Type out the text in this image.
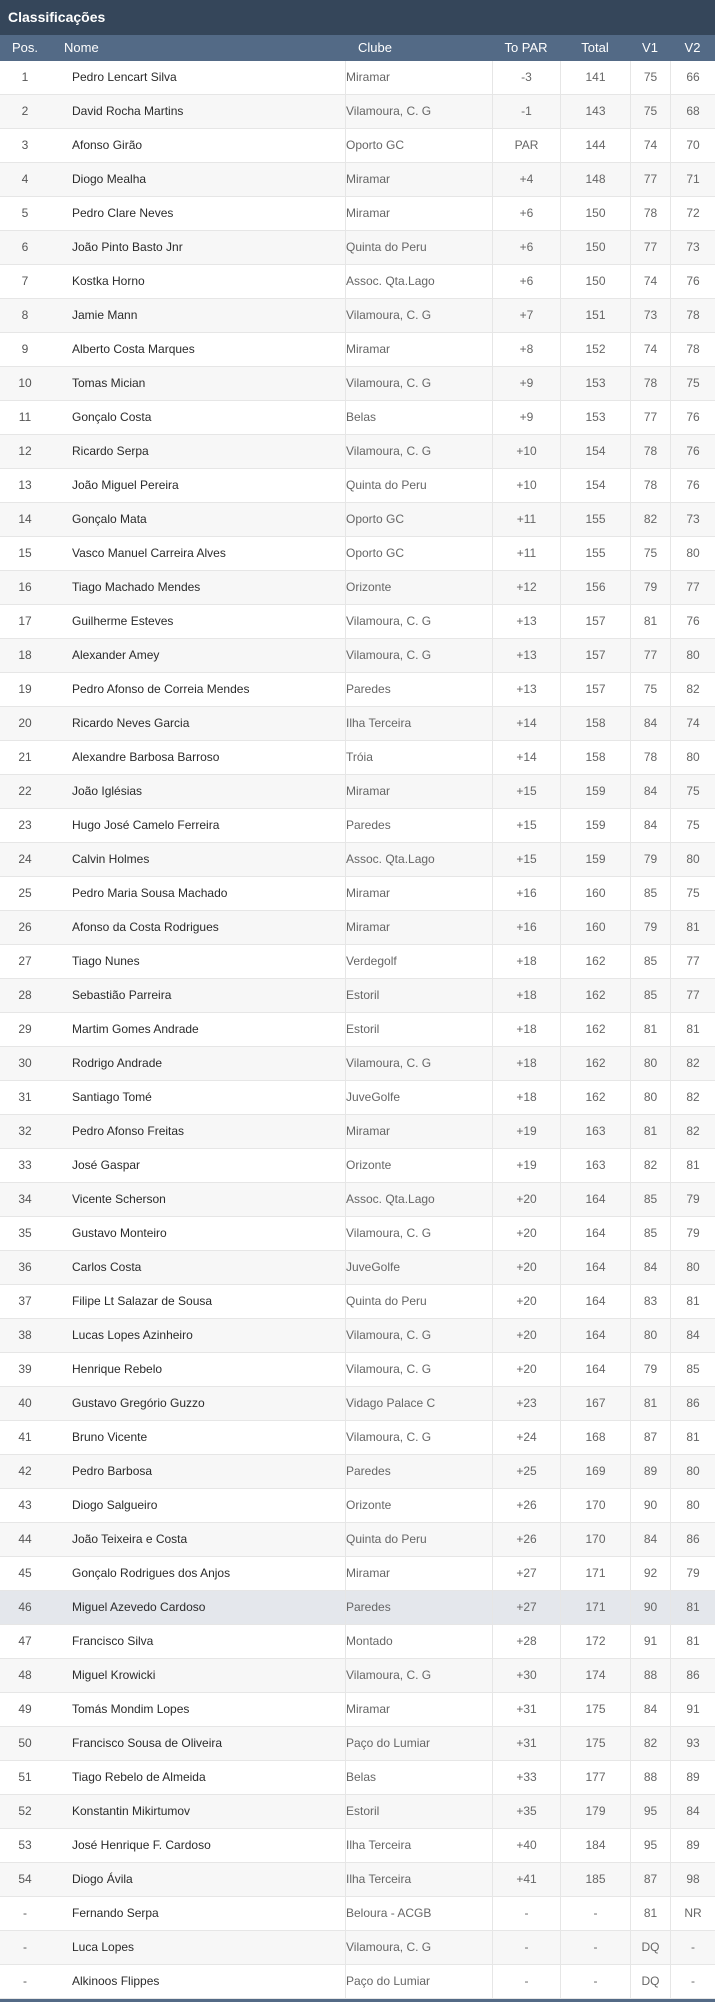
Classificações
Pos.	Nome	Clube	To PAR	Total	V1	V2
1	Pedro Lencart Silva	Miramar	-3	141	75	66
2	David Rocha Martins	Vilamoura, C. G	-1	143	75	68
3	Afonso Girão	Oporto GC	PAR	144	74	70
4	Diogo Mealha	Miramar	+4	148	77	71
5	Pedro Clare Neves	Miramar	+6	150	78	72
6	João Pinto Basto Jnr	Quinta do Peru	+6	150	77	73
7	Kostka Horno	Assoc. Qta.Lago	+6	150	74	76
8	Jamie Mann	Vilamoura, C. G	+7	151	73	78
9	Alberto Costa Marques	Miramar	+8	152	74	78
10	Tomas Mician	Vilamoura, C. G	+9	153	78	75
11	Gonçalo Costa	Belas	+9	153	77	76
12	Ricardo Serpa	Vilamoura, C. G	+10	154	78	76
13	João Miguel Pereira	Quinta do Peru	+10	154	78	76
14	Gonçalo Mata	Oporto GC	+11	155	82	73
15	Vasco Manuel Carreira Alves	Oporto GC	+11	155	75	80
16	Tiago Machado Mendes	Orizonte	+12	156	79	77
17	Guilherme Esteves	Vilamoura, C. G	+13	157	81	76
18	Alexander Amey	Vilamoura, C. G	+13	157	77	80
19	Pedro Afonso de Correia Mendes	Paredes	+13	157	75	82
20	Ricardo Neves Garcia	Ilha Terceira	+14	158	84	74
21	Alexandre Barbosa Barroso	Tróia	+14	158	78	80
22	João Iglésias	Miramar	+15	159	84	75
23	Hugo José Camelo Ferreira	Paredes	+15	159	84	75
24	Calvin Holmes	Assoc. Qta.Lago	+15	159	79	80
25	Pedro Maria Sousa Machado	Miramar	+16	160	85	75
26	Afonso da Costa Rodrigues	Miramar	+16	160	79	81
27	Tiago Nunes	Verdegolf	+18	162	85	77
28	Sebastião Parreira	Estoril	+18	162	85	77
29	Martim Gomes Andrade	Estoril	+18	162	81	81
30	Rodrigo Andrade	Vilamoura, C. G	+18	162	80	82
31	Santiago Tomé	JuveGolfe	+18	162	80	82
32	Pedro Afonso Freitas	Miramar	+19	163	81	82
33	José Gaspar	Orizonte	+19	163	82	81
34	Vicente Scherson	Assoc. Qta.Lago	+20	164	85	79
35	Gustavo Monteiro	Vilamoura, C. G	+20	164	85	79
36	Carlos Costa	JuveGolfe	+20	164	84	80
37	Filipe Lt Salazar de Sousa	Quinta do Peru	+20	164	83	81
38	Lucas Lopes Azinheiro	Vilamoura, C. G	+20	164	80	84
39	Henrique Rebelo	Vilamoura, C. G	+20	164	79	85
40	Gustavo Gregório Guzzo	Vidago Palace C	+23	167	81	86
41	Bruno Vicente	Vilamoura, C. G	+24	168	87	81
42	Pedro Barbosa	Paredes	+25	169	89	80
43	Diogo Salgueiro	Orizonte	+26	170	90	80
44	João Teixeira e Costa	Quinta do Peru	+26	170	84	86
45	Gonçalo Rodrigues dos Anjos	Miramar	+27	171	92	79
46	Miguel Azevedo Cardoso	Paredes	+27	171	90	81
47	Francisco Silva	Montado	+28	172	91	81
48	Miguel Krowicki	Vilamoura, C. G	+30	174	88	86
49	Tomás Mondim Lopes	Miramar	+31	175	84	91
50	Francisco Sousa de Oliveira	Paço do Lumiar	+31	175	82	93
51	Tiago Rebelo de Almeida	Belas	+33	177	88	89
52	Konstantin Mikirtumov	Estoril	+35	179	95	84
53	José Henrique F. Cardoso	Ilha Terceira	+40	184	95	89
54	Diogo Ávila	Ilha Terceira	+41	185	87	98
-	Fernando Serpa	Beloura - ACGB	-	-	81	NR
-	Luca Lopes	Vilamoura, C. G	-	-	DQ	-
-	Alkinoos Flippes	Paço do Lumiar	-	-	DQ	-
